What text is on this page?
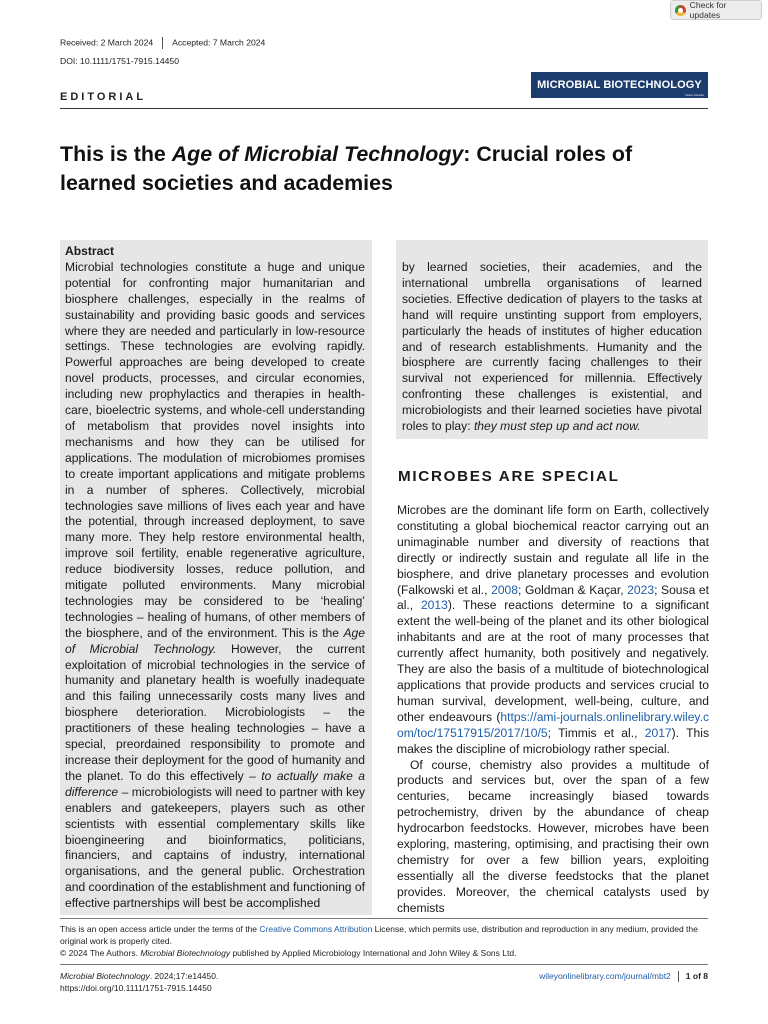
Check for updates
Received: 2 March 2024 Accepted: 7 March 2024
DOI: 10.1111/1751-7915.14450
MICROBIAL BIOTECHNOLOGY
Open Access
EDITORIAL
This is the Age of Microbial Technology: Crucial roles of learned societies and academies
Abstract
Microbial technologies constitute a huge and unique potential for confronting major humanitarian and biosphere challenges, especially in the realms of sustainability and providing basic goods and services where they are needed and particularly in low-resource settings. These technologies are evolving rapidly. Powerful approaches are being developed to create novel products, processes, and circular economies, including new prophylactics and therapies in health-care, bioelectric systems, and whole-cell understanding of metabolism that provides novel insights into mechanisms and how they can be utilised for applications. The modulation of microbiomes promises to create important applications and mitigate problems in a number of spheres. Collectively, microbial technologies save millions of lives each year and have the potential, through increased deployment, to save many more. They help restore environmental health, improve soil fertility, enable regenerative agriculture, reduce biodiversity losses, reduce pollution, and mitigate polluted environments. Many microbial technologies may be considered to be ‘healing’ technologies – healing of humans, of other members of the biosphere, and of the environment. This is the Age of Microbial Technology. However, the current exploitation of microbial technologies in the service of humanity and planetary health is woefully inadequate and this failing unnecessarily costs many lives and biosphere deterioration. Microbiologists – the practitioners of these healing technologies – have a special, preordained responsibility to promote and increase their deployment for the good of humanity and the planet. To do this effectively – to actually make a difference – microbiologists will need to partner with key enablers and gatekeepers, players such as other scientists with essential complementary skills like bioengineering and bioinformatics, politicians, financiers, and captains of industry, international organisations, and the general public. Orchestration and coordination of the establishment and functioning of effective partnerships will best be accomplished
by learned societies, their academies, and the international umbrella organisations of learned societies. Effective dedication of players to the tasks at hand will require unstinting support from employers, particularly the heads of institutes of higher education and of research establishments. Humanity and the biosphere are currently facing challenges to their survival not experienced for millennia. Effectively confronting these challenges is existential, and microbiologists and their learned societies have pivotal roles to play: they must step up and act now.
MICROBES ARE SPECIAL

Microbes are the dominant life form on Earth, collectively constituting a global biochemical reactor carrying out an unimaginable number and diversity of reactions that directly or indirectly sustain and regulate all life in the biosphere, and drive planetary processes and evolution (Falkowski et al., 2008; Goldman & Kaçar, 2023; Sousa et al., 2013). These reactions determine to a significant extent the well-being of the planet and its other biological inhabitants and are at the root of many processes that currently affect humanity, both positively and negatively. They are also the basis of a multitude of biotechnological applications that provide products and services crucial to human survival, development, well-being, culture, and other endeavours (https://ami-journals.onlinelibrary.wiley.com/toc/17517915/2017/10/5; Timmis et al., 2017). This makes the discipline of microbiology rather special.

Of course, chemistry also provides a multitude of products and services but, over the span of a few centuries, became increasingly biased towards petrochemistry, driven by the abundance of cheap hydrocarbon feedstocks. However, microbes have been exploring, mastering, optimising, and practising their own chemistry for over a few billion years, exploiting essentially all the diverse feedstocks that the planet provides. Moreover, the chemical catalysts used by chemists

This is an open access article under the terms of the Creative Commons Attribution License, which permits use, distribution and reproduction in any medium, provided the original work is properly cited.

© 2024 The Authors. Microbial Biotechnology published by Applied Microbiology International and John Wiley & Sons Ltd.

Microbial Biotechnology. 2024;17:e14450.
https://doi.org/10.1111/1751-7915.14450
wileyonlinelibrary.com/journal/mbt2 1 of 8
